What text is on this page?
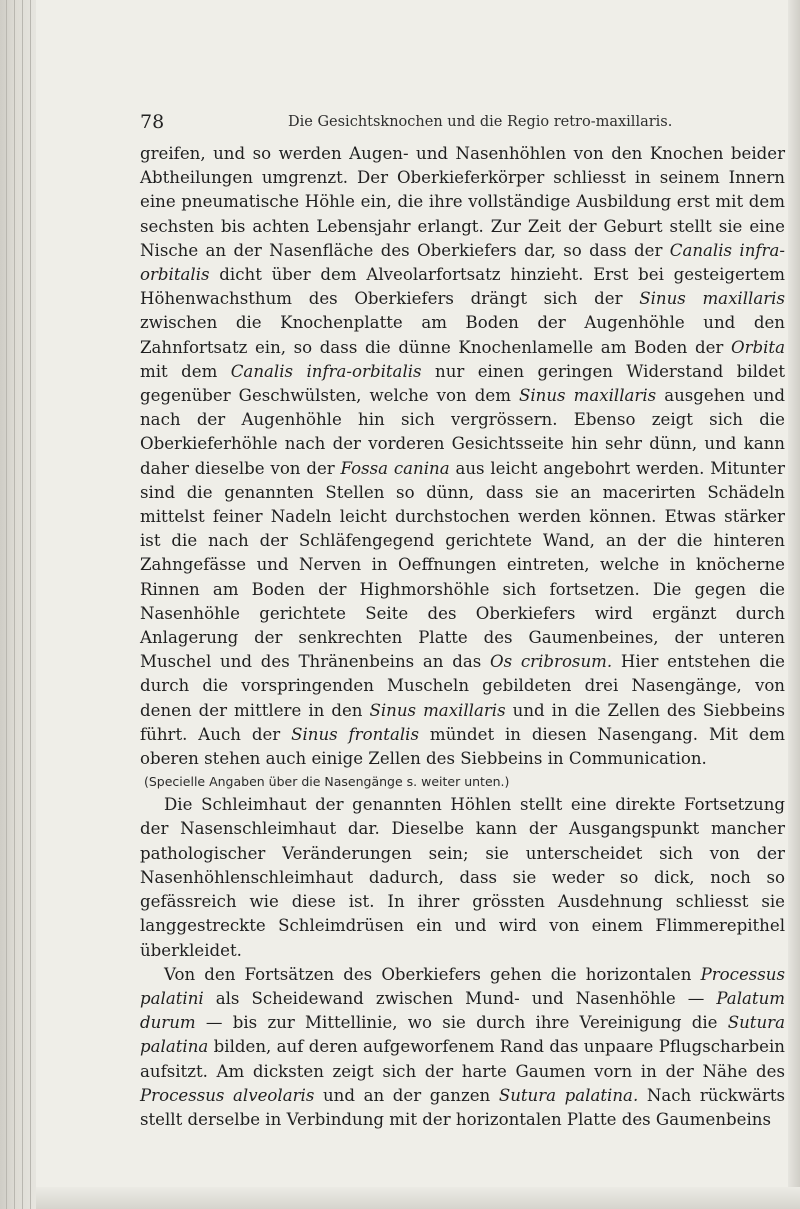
78	Die Gesichtsknochen und die Regio retro-maxillaris.

greifen, und so werden Augen- und Nasenhöhlen von den Knochen beider Abtheilungen umgrenzt. Der Oberkieferkörper schliesst in seinem Innern eine pneumatische Höhle ein, die ihre vollständige Ausbildung erst mit dem sechsten bis achten Lebensjahr erlangt. Zur Zeit der Geburt stellt sie eine Nische an der Nasenfläche des Oberkiefers dar, so dass der Canalis infra-orbitalis dicht über dem Alveolarfortsatz hinzieht. Erst bei gesteigertem Höhenwachsthum des Oberkiefers drängt sich der Sinus maxillaris zwischen die Knochenplatte am Boden der Augenhöhle und den Zahnfortsatz ein, so dass die dünne Knochenlamelle am Boden der Orbita mit dem Canalis infra-orbitalis nur einen geringen Widerstand bildet gegenüber Geschwülsten, welche von dem Sinus maxillaris ausgehen und nach der Augenhöhle hin sich vergrössern. Ebenso zeigt sich die Oberkieferhöhle nach der vorderen Gesichtsseite hin sehr dünn, und kann daher dieselbe von der Fossa canina aus leicht angebohrt werden. Mitunter sind die genannten Stellen so dünn, dass sie an macerirten Schädeln mittelst feiner Nadeln leicht durchstochen werden können. Etwas stärker ist die nach der Schläfengegend gerichtete Wand, an der die hinteren Zahngefässe und Nerven in Oeffnungen eintreten, welche in knöcherne Rinnen am Boden der Highmorshöhle sich fortsetzen. Die gegen die Nasenhöhle gerichtete Seite des Oberkiefers wird ergänzt durch Anlagerung der senkrechten Platte des Gaumenbeines, der unteren Muschel und des Thränenbeins an das Os cribrosum. Hier entstehen die durch die vorspringenden Muscheln gebildeten drei Nasengänge, von denen der mittlere in den Sinus maxillaris und in die Zellen des Siebbeins führt. Auch der Sinus frontalis mündet in diesen Nasengang. Mit dem oberen stehen auch einige Zellen des Siebbeins in Communication.

(Specielle Angaben über die Nasengänge s. weiter unten.)

Die Schleimhaut der genannten Höhlen stellt eine direkte Fortsetzung der Nasenschleimhaut dar. Dieselbe kann der Ausgangspunkt mancher pathologischer Veränderungen sein; sie unterscheidet sich von der Nasenhöhlenschleimhaut dadurch, dass sie weder so dick, noch so gefässreich wie diese ist. In ihrer grössten Ausdehnung schliesst sie langgestreckte Schleimdrüsen ein und wird von einem Flimmerepithel überkleidet.

Von den Fortsätzen des Oberkiefers gehen die horizontalen Processus palatini als Scheidewand zwischen Mund- und Nasenhöhle — Palatum durum — bis zur Mittellinie, wo sie durch ihre Vereinigung die Sutura palatina bilden, auf deren aufgeworfenem Rand das unpaare Pflugscharbein aufsitzt. Am dicksten zeigt sich der harte Gaumen vorn in der Nähe des Processus alveolaris und an der ganzen Sutura palatina. Nach rückwärts stellt derselbe in Verbindung mit der horizontalen Platte des Gaumenbeins
